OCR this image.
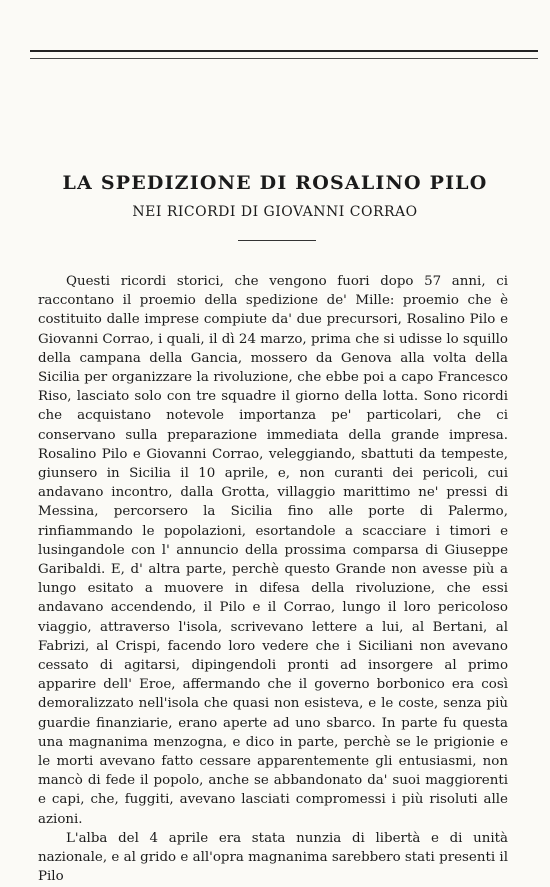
LA SPEDIZIONE DI ROSALINO PILO
NEI RICORDI DI GIOVANNI CORRAO

Questi ricordi storici, che vengono fuori dopo 57 anni, ci raccontano il proemio della spedizione de' Mille: proemio che è costituito dalle imprese compiute da' due precursori, Rosalino Pilo e Giovanni Corrao, i quali, il dì 24 marzo, prima che si udisse lo squillo della campana della Gancia, mossero da Genova alla volta della Sicilia per organizzare la rivoluzione, che ebbe poi a capo Francesco Riso, lasciato solo con tre squadre il giorno della lotta. Sono ricordi che acquistano notevole importanza pe' particolari, che ci conservano sulla preparazione immediata della grande impresa. Rosalino Pilo e Giovanni Corrao, veleggiando, sbattuti da tempeste, giunsero in Sicilia il 10 aprile, e, non curanti dei pericoli, cui andavano incontro, dalla Grotta, villaggio marittimo ne' pressi di Messina, percorsero la Sicilia fino alle porte di Palermo, rinfiammando le popolazioni, esortandole a scacciare i timori e lusingandole con l' annuncio della prossima comparsa di Giuseppe Garibaldi. E, d' altra parte, perchè questo Grande non avesse più a lungo esitato a muovere in difesa della rivoluzione, che essi andavano accendendo, il Pilo e il Corrao, lungo il loro pericoloso viaggio, attraverso l'isola, scrivevano lettere a lui, al Bertani, al Fabrizi, al Crispi, facendo loro vedere che i Siciliani non avevano cessato di agitarsi, dipingendoli pronti ad insorgere al primo apparire dell' Eroe, affermando che il governo borbonico era così demoralizzato nell'isola che quasi non esisteva, e le coste, senza più guardie finanziarie, erano aperte ad uno sbarco. In parte fu questa una magnanima menzogna, e dico in parte, perchè se le prigionie e le morti avevano fatto cessare apparentemente gli entusiasmi, non mancò di fede il popolo, anche se abbandonato da' suoi maggiorenti e capi, che, fuggiti, avevano lasciati compromessi i più risoluti alle azioni.

L'alba del 4 aprile era stata nunzia di libertà e di unità nazionale, e al grido e all'opra magnanima sarebbero stati presenti il Pilo
